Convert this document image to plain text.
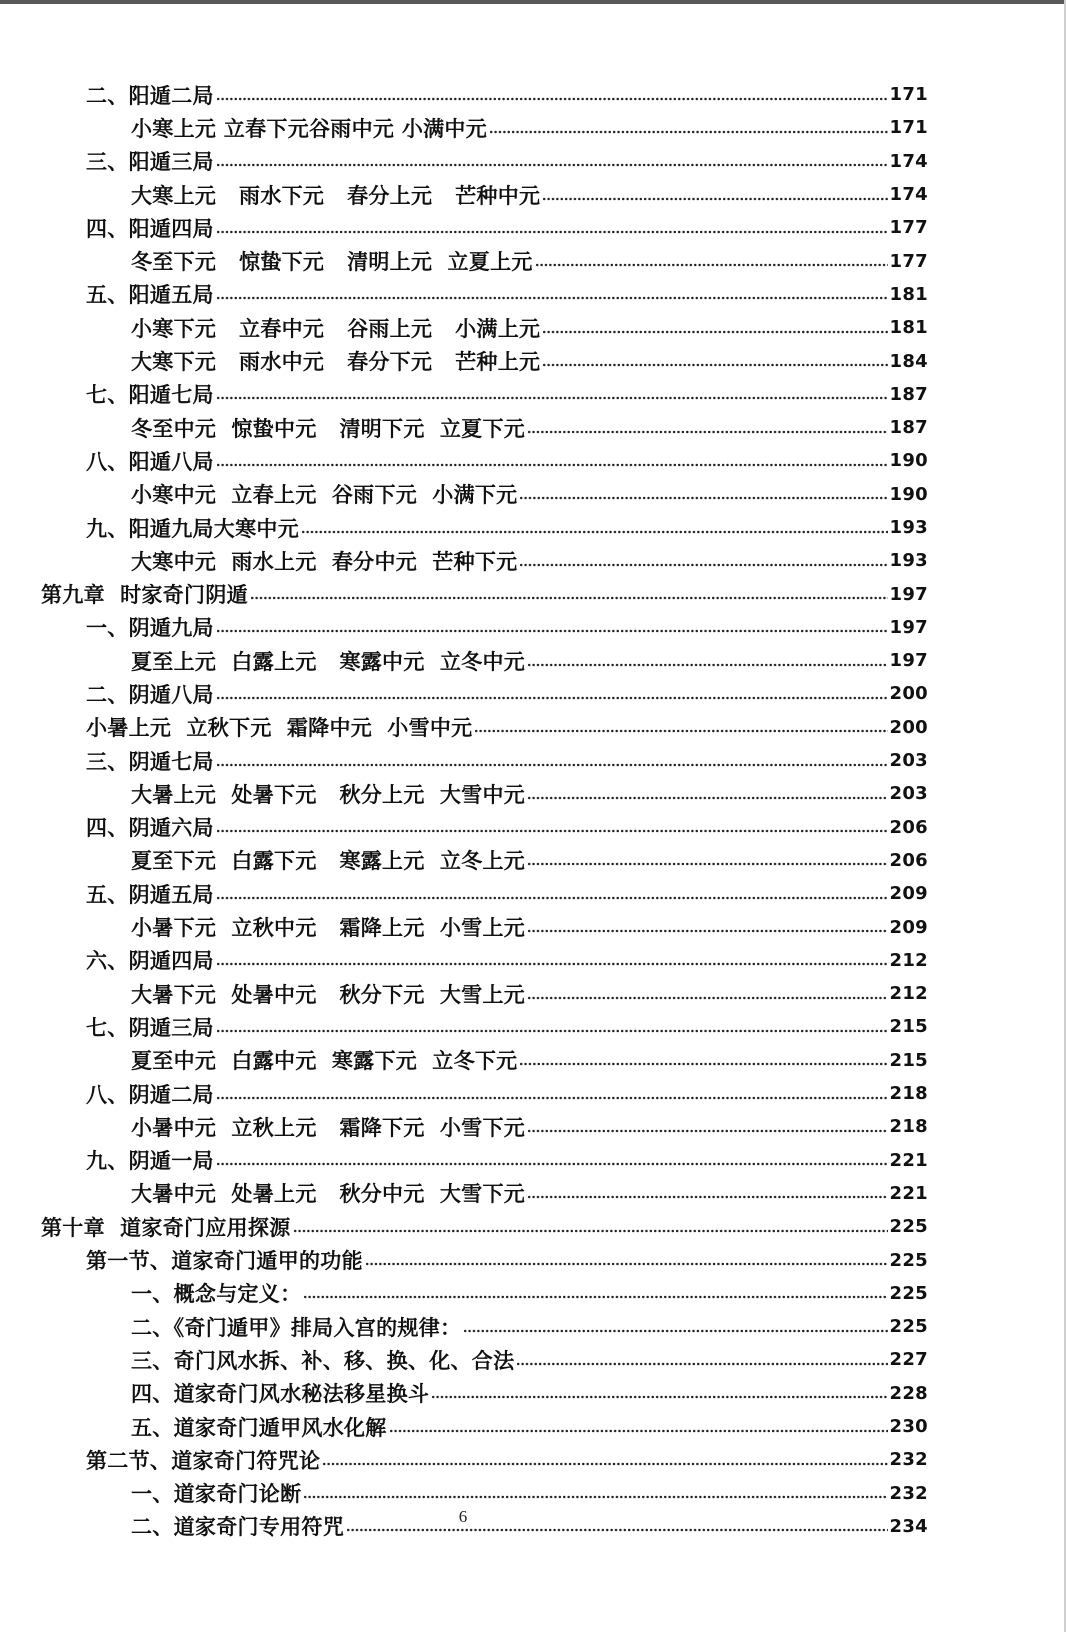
二、阳遁二局	171
小寒上元 立春下元谷雨中元 小满中元	171
三、阳遁三局	174
大寒上元   雨水下元   春分上元   芒种中元	174
四、阳遁四局	177
冬至下元   惊蛰下元   清明上元  立夏上元	177
五、阳遁五局	181
小寒下元   立春中元   谷雨上元   小满上元	181
大寒下元   雨水中元   春分下元   芒种上元	184
七、阳遁七局	187
冬至中元  惊蛰中元   清明下元  立夏下元	187
八、阳遁八局	190
小寒中元  立春上元  谷雨下元  小满下元	190
九、阳遁九局大寒中元	193
大寒中元  雨水上元  春分中元  芒种下元	193
第九章  时家奇门阴遁	197
一、阴遁九局	197
夏至上元  白露上元   寒露中元  立冬中元	197
二、阴遁八局	200
小暑上元  立秋下元  霜降中元  小雪中元	200
三、阴遁七局	203
大暑上元  处暑下元   秋分上元  大雪中元	203
四、阴遁六局	206
夏至下元  白露下元   寒露上元  立冬上元	206
五、阴遁五局	209
小暑下元  立秋中元   霜降上元  小雪上元	209
六、阴遁四局	212
大暑下元  处暑中元   秋分下元  大雪上元	212
七、阴遁三局	215
夏至中元  白露中元  寒露下元  立冬下元	215
八、阴遁二局	218
小暑中元  立秋上元   霜降下元  小雪下元	218
九、阴遁一局	221
大暑中元  处暑上元   秋分中元  大雪下元	221
第十章  道家奇门应用探源	225
第一节、道家奇门遁甲的功能	225
一、概念与定义：	225
二、《奇门遁甲》排局入宫的规律：	225
三、奇门风水拆、补、移、换、化、合法	227
四、道家奇门风水秘法移星换斗	228
五、道家奇门遁甲风水化解	230
第二节、道家奇门符咒论	232
一、道家奇门论断	232
二、道家奇门专用符咒	234
6
